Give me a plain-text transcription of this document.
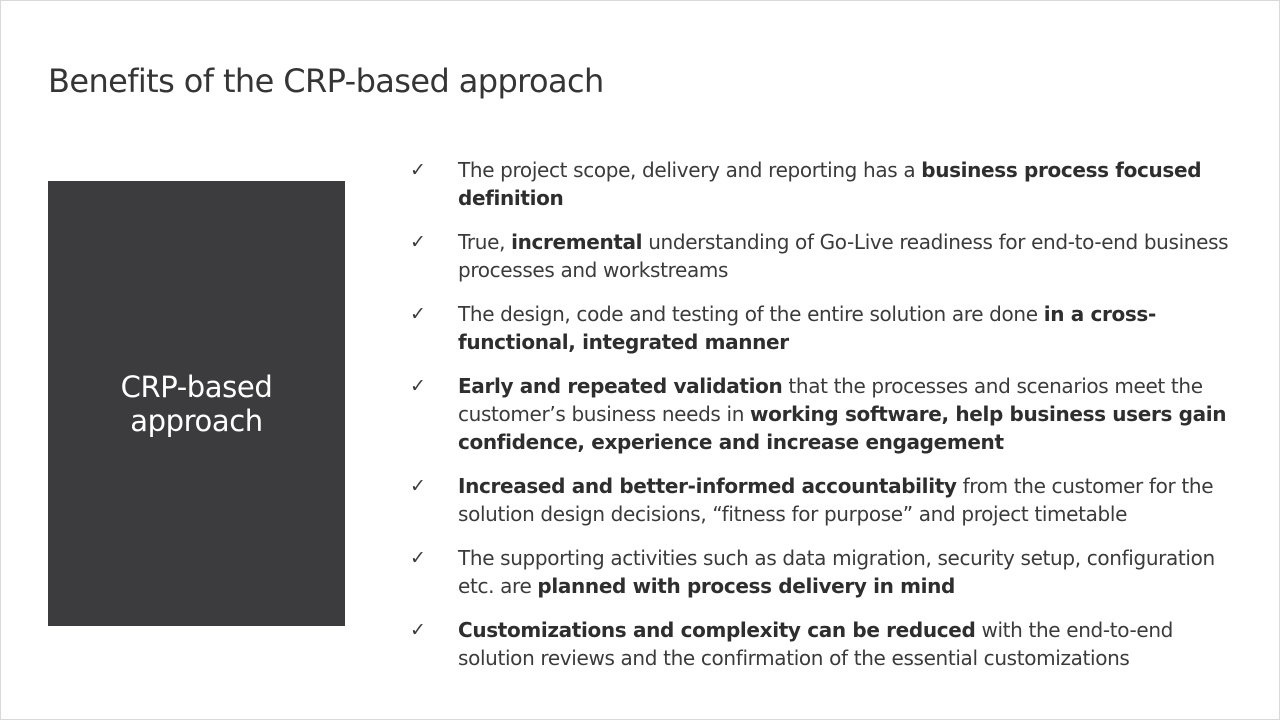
Benefits of the CRP-based approach
CRP-based
approach
✓ The project scope, delivery and reporting has a business process focused definition
✓ True, incremental understanding of Go-Live readiness for end-to-end business processes and workstreams
✓ The design, code and testing of the entire solution are done in a cross-functional, integrated manner
✓ Early and repeated validation that the processes and scenarios meet the customer’s business needs in working software, help business users gain confidence, experience and increase engagement
✓ Increased and better-informed accountability from the customer for the solution design decisions, “fitness for purpose” and project timetable
✓ The supporting activities such as data migration, security setup, configuration etc. are planned with process delivery in mind
✓ Customizations and complexity can be reduced with the end-to-end solution reviews and the confirmation of the essential customizations
